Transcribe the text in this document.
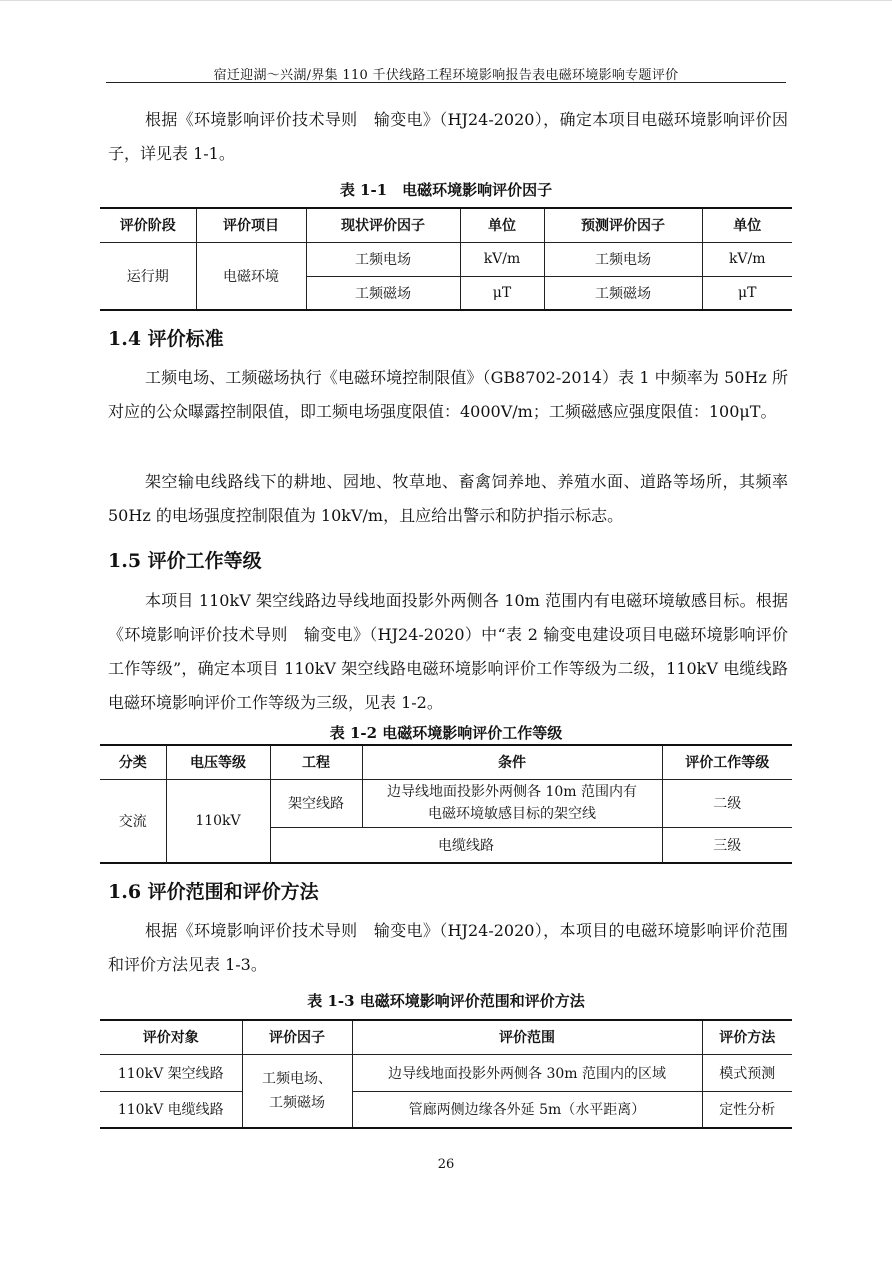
宿迁迎湖～兴湖/界集 110 千伏线路工程环境影响报告表电磁环境影响专题评价
根据《环境影响评价技术导则　输变电》（HJ24-2020），确定本项目电磁环境影响评价因子，详见表 1-1。
表 1-1　电磁环境影响评价因子
评价阶段	评价项目	现状评价因子	单位	预测评价因子	单位
运行期	电磁环境	工频电场	kV/m	工频电场	kV/m
		工频磁场	μT	工频磁场	μT
1.4 评价标准
工频电场、工频磁场执行《电磁环境控制限值》（GB8702-2014）表 1 中频率为 50Hz 所对应的公众曝露控制限值，即工频电场强度限值：4000V/m；工频磁感应强度限值：100μT。
架空输电线路线下的耕地、园地、牧草地、畜禽饲养地、养殖水面、道路等场所，其频率 50Hz 的电场强度控制限值为 10kV/m，且应给出警示和防护指示标志。
1.5 评价工作等级
本项目 110kV 架空线路边导线地面投影外两侧各 10m 范围内有电磁环境敏感目标。根据《环境影响评价技术导则　输变电》（HJ24-2020）中“表 2 输变电建设项目电磁环境影响评价工作等级”，确定本项目 110kV 架空线路电磁环境影响评价工作等级为二级，110kV 电缆线路电磁环境影响评价工作等级为三级，见表 1-2。
表 1-2 电磁环境影响评价工作等级
分类	电压等级	工程	条件	评价工作等级
交流	110kV	架空线路	边导线地面投影外两侧各 10m 范围内有
电磁环境敏感目标的架空线	二级
		电缆线路		三级
1.6 评价范围和评价方法
根据《环境影响评价技术导则　输变电》（HJ24-2020），本项目的电磁环境影响评价范围和评价方法见表 1-3。
表 1-3 电磁环境影响评价范围和评价方法
评价对象	评价因子	评价范围	评价方法
110kV 架空线路	工频电场、
工频磁场	边导线地面投影外两侧各 30m 范围内的区域	模式预测
110kV 电缆线路		管廊两侧边缘各外延 5m（水平距离）	定性分析
26
